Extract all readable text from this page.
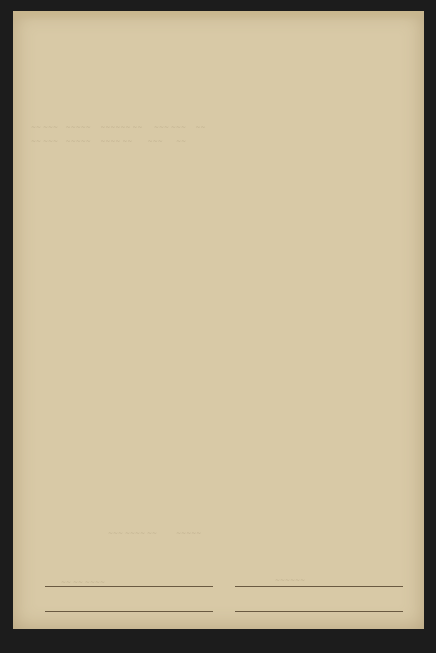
~~ ~~~    ~~~~~     ~~~~~~ ~~      ~~~ ~~~     ~~
~~ ~~~    ~~~~~     ~~~~ ~~        ~~~       ~~
~~~ ~~~~ ~~          ~~~~~
~~ ~~ ~~~~	~~~~~~
